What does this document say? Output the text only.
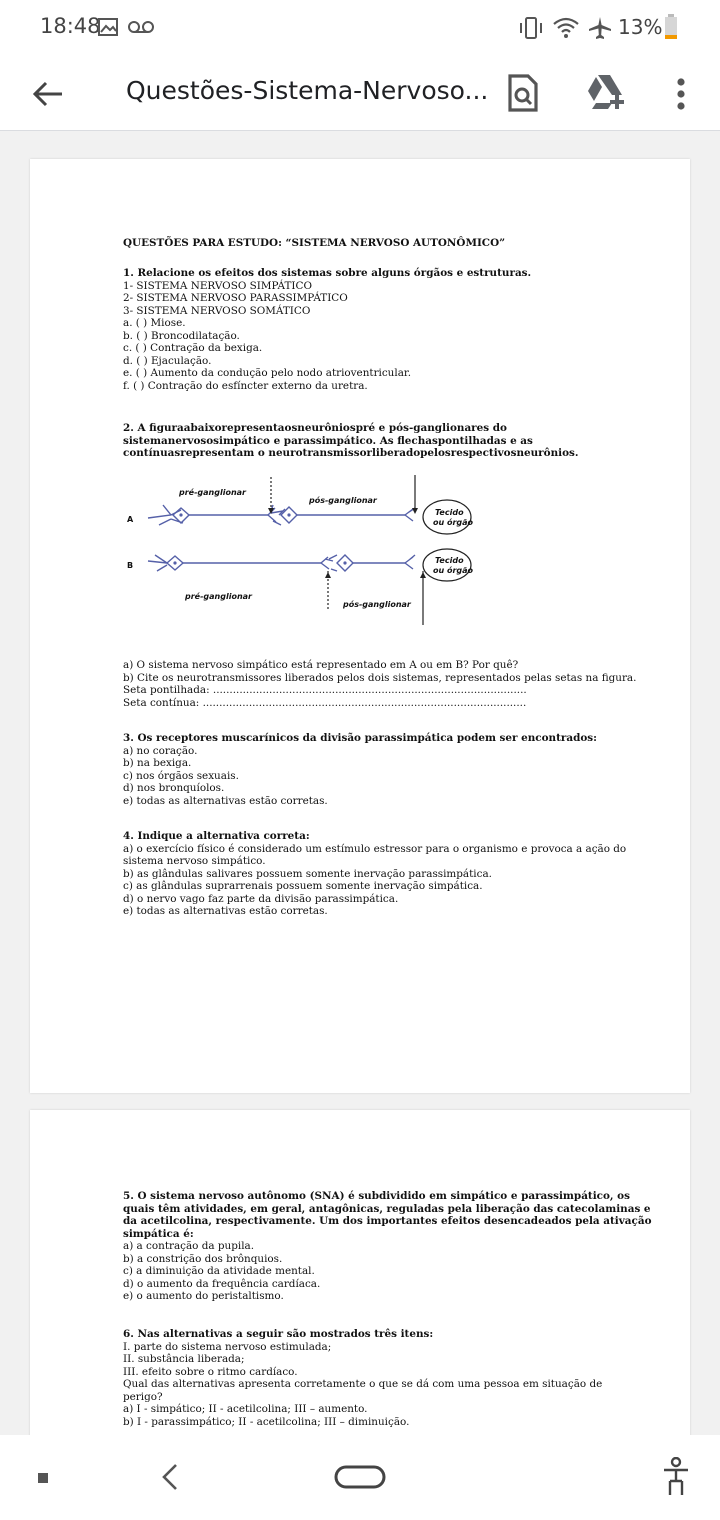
18:48	13%
Questões-Sistema-Nervoso...
QUESTÕES PARA ESTUDO: “SISTEMA NERVOSO AUTONÔMICO”
1. Relacione os efeitos dos sistemas sobre alguns órgãos e estruturas.
1- SISTEMA NERVOSO SIMPÁTICO
2- SISTEMA NERVOSO PARASSIMPÁTICO
3- SISTEMA NERVOSO SOMÁTICO
a. ( ) Miose.
b. ( ) Broncodilatação.
c. ( ) Contração da bexiga.
d. ( ) Ejaculação.
e. ( ) Aumento da condução pelo nodo atrioventricular.
f. ( ) Contração do esfíncter externo da uretra.
2. A figuraabaixorepresentaosneurôniospré e pós-ganglionares do
sistemanervososimpático e parassimpático. As flechaspontilhadas e as
contínuasrepresentam o neurotransmissorliberadopelosrespectivosneurônios.
A
B
pré-ganglionar
pós-ganglionar
pré-ganglionar
pós-ganglionar
Tecido
ou órgão
Tecido
ou órgão
a) O sistema nervoso simpático está representado em A ou em B? Por quê?
b) Cite os neurotransmissores liberados pelos dois sistemas, representados pelas setas na figura.
Seta pontilhada: ...............................................................................................
Seta contínua: ..................................................................................................
3. Os receptores muscarínicos da divisão parassimpática podem ser encontrados:
a) no coração.
b) na bexiga.
c) nos órgãos sexuais.
d) nos bronquíolos.
e) todas as alternativas estão corretas.
4. Indique a alternativa correta:
a) o exercício físico é considerado um estímulo estressor para o organismo e provoca a ação do
sistema nervoso simpático.
b) as glândulas salivares possuem somente inervação parassimpática.
c) as glândulas suprarrenais possuem somente inervação simpática.
d) o nervo vago faz parte da divisão parassimpática.
e) todas as alternativas estão corretas.
5. O sistema nervoso autônomo (SNA) é subdividido em simpático e parassimpático, os
quais têm atividades, em geral, antagônicas, reguladas pela liberação das catecolaminas e
da acetilcolina, respectivamente. Um dos importantes efeitos desencadeados pela ativação
simpática é:
a) a contração da pupila.
b) a constrição dos brônquios.
c) a diminuição da atividade mental.
d) o aumento da frequência cardíaca.
e) o aumento do peristaltismo.
6. Nas alternativas a seguir são mostrados três itens:
I. parte do sistema nervoso estimulada;
II. substância liberada;
III. efeito sobre o ritmo cardíaco.
Qual das alternativas apresenta corretamente o que se dá com uma pessoa em situação de
perigo?
a) I - simpático; II - acetilcolina; III – aumento.
b) I - parassimpático; II - acetilcolina; III – diminuição.
